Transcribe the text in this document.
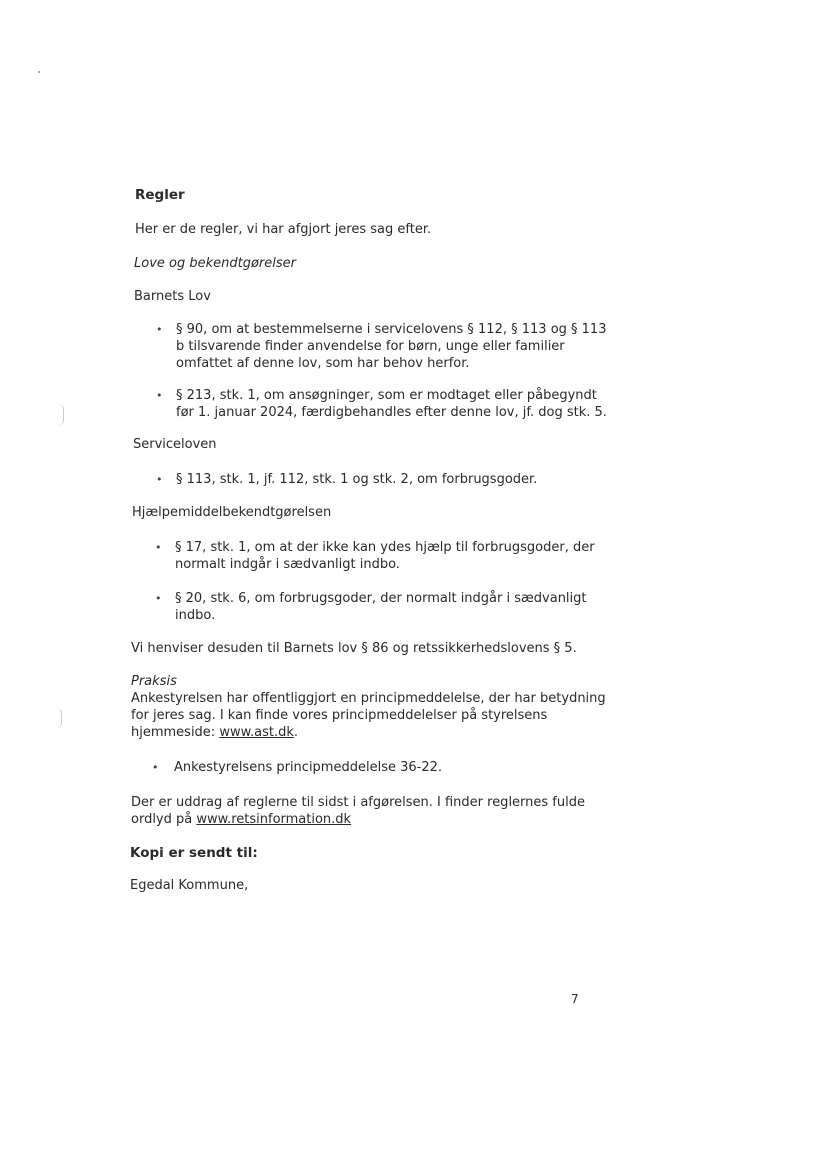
Regler

Her er de regler, vi har afgjort jeres sag efter.

Love og bekendtgørelser

Barnets Lov

• § 90, om at bestemmelserne i servicelovens § 112, § 113 og § 113
b tilsvarende finder anvendelse for børn, unge eller familier
omfattet af denne lov, som har behov herfor.
• § 213, stk. 1, om ansøgninger, som er modtaget eller påbegyndt
før 1. januar 2024, færdigbehandles efter denne lov, jf. dog stk. 5.

Serviceloven

• § 113, stk. 1, jf. 112, stk. 1 og stk. 2, om forbrugsgoder.

Hjælpemiddelbekendtgørelsen

• § 17, stk. 1, om at der ikke kan ydes hjælp til forbrugsgoder, der
normalt indgår i sædvanligt indbo.
• § 20, stk. 6, om forbrugsgoder, der normalt indgår i sædvanligt
indbo.

Vi henviser desuden til Barnets lov § 86 og retssikkerhedslovens § 5.

Praksis

Ankestyrelsen har offentliggjort en principmeddelelse, der har betydning
for jeres sag. I kan finde vores principmeddelelser på styrelsens
hjemmeside: www.ast.dk.
• Ankestyrelsens principmeddelelse 36-22.

Der er uddrag af reglerne til sidst i afgørelsen. I finder reglernes fulde
ordlyd på www.retsinformation.dk

Kopi er sendt til:

Egedal Kommune,

7
